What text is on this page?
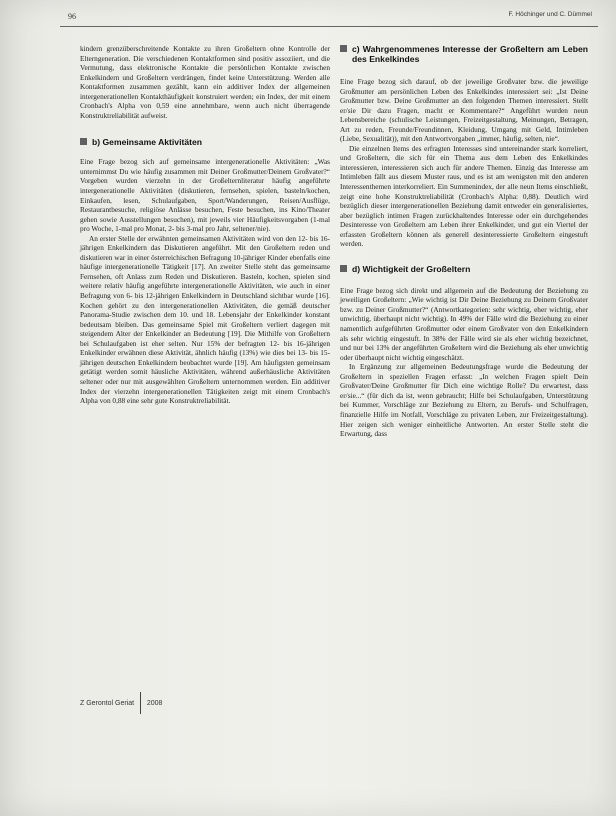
96	F. Höchinger und C. Dümmel

kindern grenzüberschreitende Kontakte zu ihren Großeltern ohne Kontrolle der Elterngeneration. Die verschiedenen Kontaktformen sind positiv assoziiert, und die Vermutung, dass elektronische Kontakte die persönlichen Kontakte zwischen Enkelkindern und Großeltern verdrängen, findet keine Unterstützung. Werden alle Kontaktformen zusammen gezählt, kann ein additiver Index der allgemeinen intergenerationellen Kontakthäufigkeit konstruiert werden; ein Index, der mit einem Cronbach's Alpha von 0,59 eine annehmbare, wenn auch nicht überragende Konstruktreliabilität aufweist.

b) Gemeinsame Aktivitäten

Eine Frage bezog sich auf gemeinsame intergenerationelle Aktivitäten: „Was unternimmst Du wie häufig zusammen mit Deiner Großmutter/Deinem Großvater?“ Vorgeben wurden vierzehn in der Großelternliteratur häufig angeführte intergenerationelle Aktivitäten (diskutieren, fernsehen, spielen, basteln/kochen, Einkaufen, lesen, Schulaufgaben, Sport/Wanderungen, Reisen/Ausflüge, Restaurantbesuche, religiöse Anlässe besuchen, Feste besuchen, ins Kino/Theater gehen sowie Ausstellungen besuchen), mit jeweils vier Häufigkeitsvorgaben (1-mal pro Woche, 1-mal pro Monat, 2- bis 3-mal pro Jahr, seltener/nie).

An erster Stelle der erwähnten gemeinsamen Aktivitäten wird von den 12- bis 16-jährigen Enkelkindern das Diskutieren angeführt. Mit den Großeltern reden und diskutieren war in einer österreichischen Befragung 10-jähriger Kinder ebenfalls eine häufige intergenerationelle Tätigkeit [17]. An zweiter Stelle steht das gemeinsame Fernsehen, oft Anlass zum Reden und Diskutieren. Basteln, kochen, spielen sind weitere relativ häufig angeführte intergenerationelle Aktivitäten, wie auch in einer Befragung von 6- bis 12-jährigen Enkelkindern in Deutschland sichtbar wurde [16]. Kochen gehört zu den intergenerationellen Aktivitäten, die gemäß deutscher Panorama-Studie zwischen dem 10. und 18. Lebensjahr der Enkelkinder konstant bedeutsam bleiben. Das gemeinsame Spiel mit Großeltern verliert dagegen mit steigendem Alter der Enkelkinder an Bedeutung [19]. Die Mithilfe von Großeltern bei Schulaufgaben ist eher selten. Nur 15% der befragten 12- bis 16-jährigen Enkelkinder erwähnen diese Aktivität, ähnlich häufig (13%) wie dies bei 13- bis 15-jährigen deutschen Enkelkindern beobachtet wurde [19]. Am häufigsten gemeinsam getätigt werden somit häusliche Aktivitäten, während außerhäusliche Aktivitäten seltener oder nur mit ausgewählten Großeltern unternommen werden. Ein additiver Index der vierzehn intergenerationellen Tätigkeiten zeigt mit einem Cronbach's Alpha von 0,88 eine sehr gute Konstruktreliabilität.

c) Wahrgenommenes Interesse der Großeltern am Leben des Enkelkindes

Eine Frage bezog sich darauf, ob der jeweilige Großvater bzw. die jeweilige Großmutter am persönlichen Leben des Enkelkindes interessiert sei: „Ist Deine Großmutter bzw. Deine Großmutter an den folgenden Themen interessiert. Stellt er/sie Dir dazu Fragen, macht er Kommentare?“ Angeführt wurden neun Lebensbereiche (schulische Leistungen, Freizeitgestaltung, Meinungen, Betragen, Art zu reden, Freunde/Freundinnen, Kleidung, Umgang mit Geld, Intimleben (Liebe, Sexualität)), mit den Antwortvorgaben „immer, häufig, selten, nie“.

Die einzelnen Items des erfragten Interesses sind untereinander stark korreliert, und Großeltern, die sich für ein Thema aus dem Leben des Enkelkindes interessieren, interessieren sich auch für andere Themen. Einzig das Interesse am Intimleben fällt aus diesem Muster raus, und es ist am wenigsten mit den anderen Interessenthemen interkorreliert. Ein Summenindex, der alle neun Items einschließt, zeigt eine hohe Konstruktreliabilität (Cronbach's Alpha: 0,88). Deutlich wird bezüglich dieser intergenerationellen Beziehung damit entweder ein generalisiertes, aber bezüglich intimen Fragen zurückhaltendes Interesse oder ein durchgehendes Desinteresse von Großeltern am Leben ihrer Enkelkinder, und gut ein Viertel der erfassten Großeltern können als generell desinteressierte Großeltern eingestuft werden.

d) Wichtigkeit der Großeltern

Eine Frage bezog sich direkt und allgemein auf die Bedeutung der Beziehung zu jeweiligen Großeltern: „Wie wichtig ist Dir Deine Beziehung zu Deinem Großvater bzw. zu Deiner Großmutter?“ (Antwortkategorien: sehr wichtig, eher wichtig, eher unwichtig, überhaupt nicht wichtig). In 49% der Fälle wird die Beziehung zu einer namentlich aufgeführten Großmutter oder einem Großvater von den Enkelkindern als sehr wichtig eingestuft. In 38% der Fälle wird sie als eher wichtig bezeichnet, und nur bei 13% der angeführten Großeltern wird die Beziehung als eher unwichtig oder überhaupt nicht wichtig eingeschätzt.

In Ergänzung zur allgemeinen Bedeutungsfrage wurde die Bedeutung der Großeltern in speziellen Fragen erfasst: „In welchen Fragen spielt Dein Großvater/Deine Großmutter für Dich eine wichtige Rolle? Du erwartest, dass er/sie...“ (für dich da ist, wenn gebraucht; Hilfe bei Schulaufgaben, Unterstützung bei Kummer, Vorschläge zur Beziehung zu Eltern, zu Berufs- und Schulfragen, finanzielle Hilfe im Notfall, Vorschläge zu privaten Leben, zur Freizeitgestaltung). Hier zeigen sich weniger einheitliche Antworten. An erster Stelle steht die Erwartung, dass

Z Gerontol Geriat 2008
